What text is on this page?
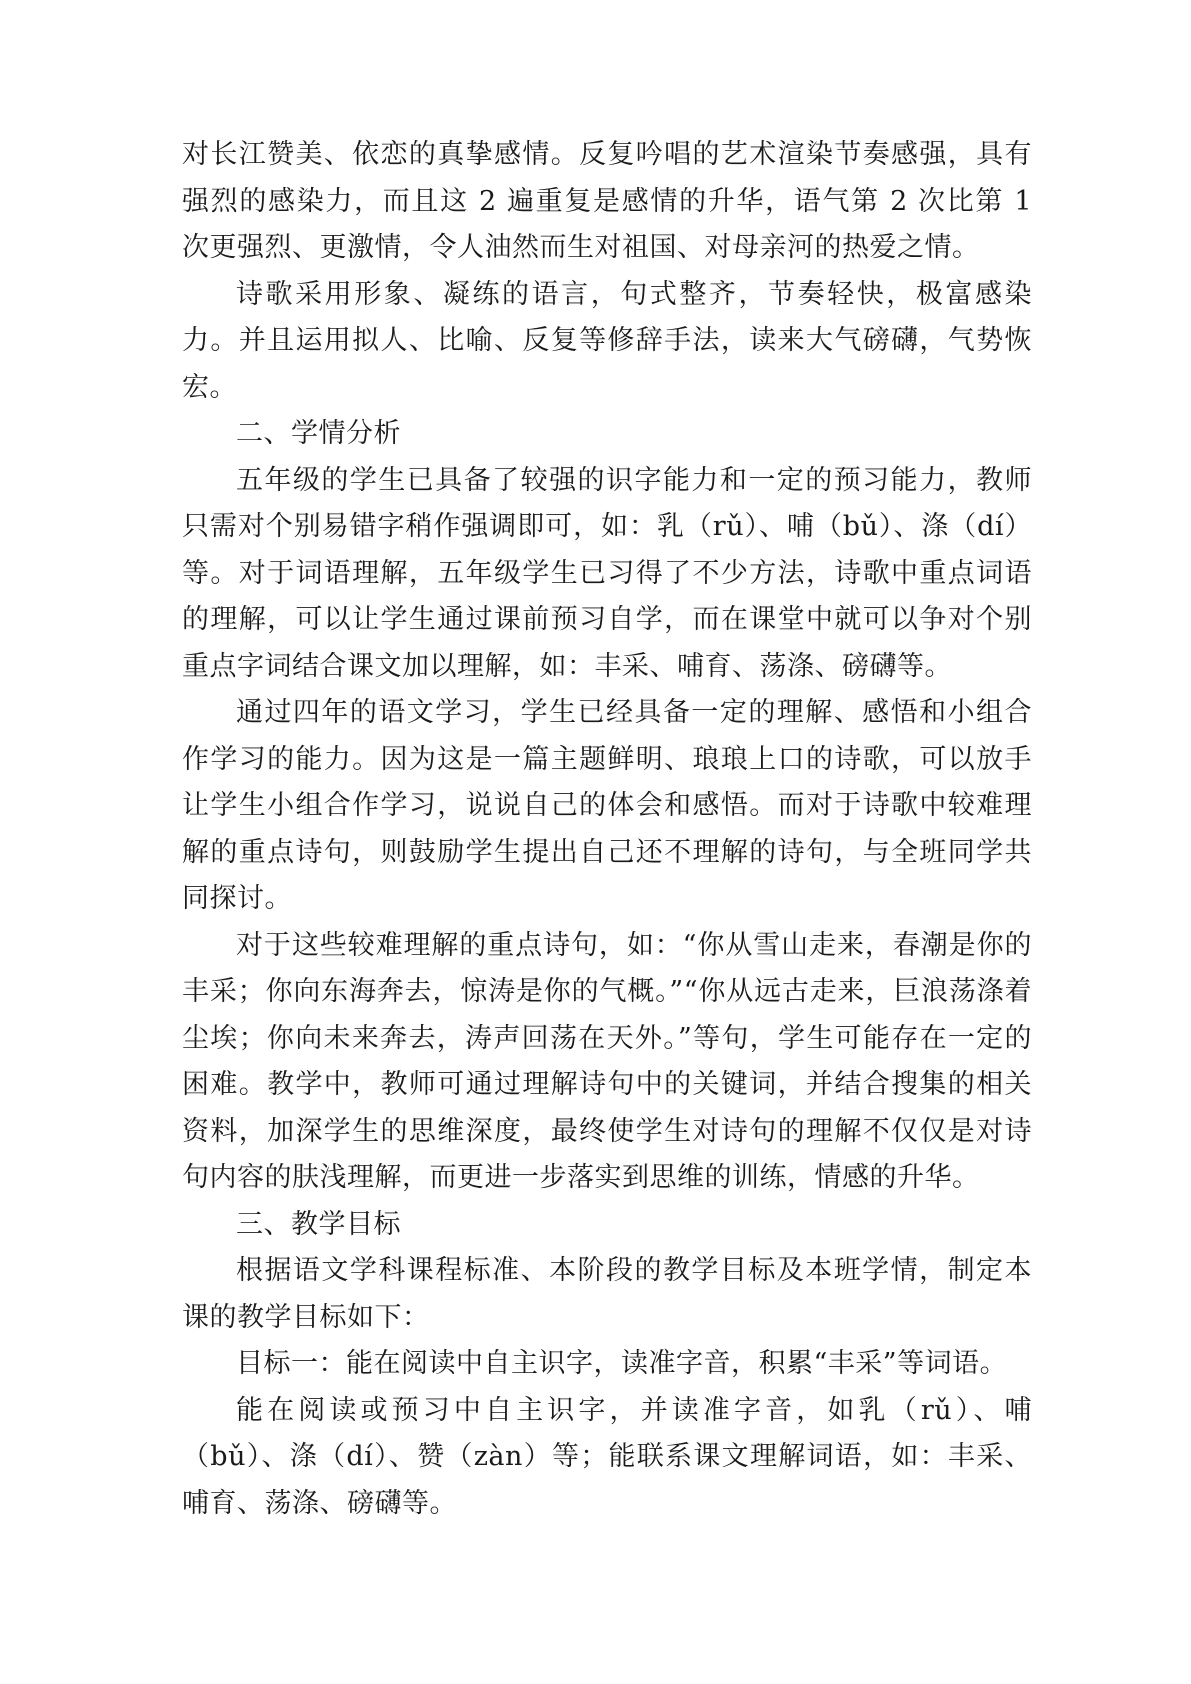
对长江赞美、依恋的真挚感情。反复吟唱的艺术渲染节奏感强，具有强烈的感染力，而且这 2 遍重复是感情的升华，语气第 2 次比第 1 次更强烈、更激情，令人油然而生对祖国、对母亲河的热爱之情。

诗歌采用形象、凝练的语言，句式整齐，节奏轻快，极富感染力。并且运用拟人、比喻、反复等修辞手法，读来大气磅礴，气势恢宏。

二、学情分析

五年级的学生已具备了较强的识字能力和一定的预习能力，教师只需对个别易错字稍作强调即可，如：乳（rǔ）、哺（bǔ）、涤（dí）等。对于词语理解，五年级学生已习得了不少方法，诗歌中重点词语的理解，可以让学生通过课前预习自学，而在课堂中就可以争对个别重点字词结合课文加以理解，如：丰采、哺育、荡涤、磅礴等。

通过四年的语文学习，学生已经具备一定的理解、感悟和小组合作学习的能力。因为这是一篇主题鲜明、琅琅上口的诗歌，可以放手让学生小组合作学习，说说自己的体会和感悟。而对于诗歌中较难理解的重点诗句，则鼓励学生提出自己还不理解的诗句，与全班同学共同探讨。

对于这些较难理解的重点诗句，如：“你从雪山走来，春潮是你的丰采；你向东海奔去，惊涛是你的气概。”“你从远古走来，巨浪荡涤着尘埃；你向未来奔去，涛声回荡在天外。”等句，学生可能存在一定的困难。教学中，教师可通过理解诗句中的关键词，并结合搜集的相关资料，加深学生的思维深度，最终使学生对诗句的理解不仅仅是对诗句内容的肤浅理解，而更进一步落实到思维的训练，情感的升华。

三、教学目标

根据语文学科课程标准、本阶段的教学目标及本班学情，制定本课的教学目标如下：

目标一：能在阅读中自主识字，读准字音，积累“丰采”等词语。

能在阅读或预习中自主识字，并读准字音，如乳（rǔ）、哺（bǔ）、涤（dí）、赞（zàn）等；能联系课文理解词语，如：丰采、哺育、荡涤、磅礴等。
